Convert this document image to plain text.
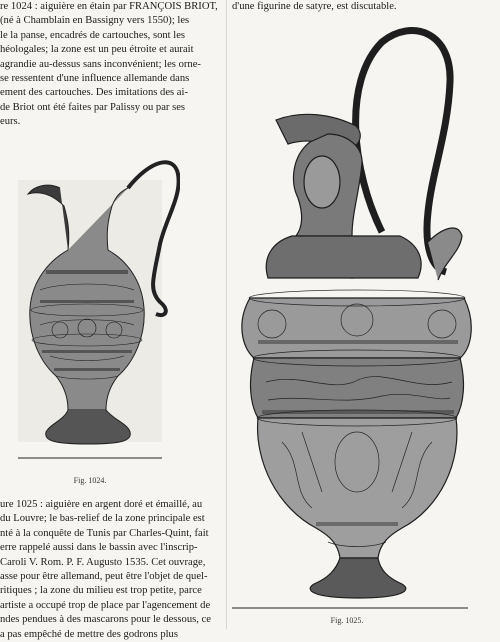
re 1024 : aiguière en étain par FRANÇOIS BRIOT,
(né à Chamblain en Bassigny vers 1550); les
le la panse, encadrés de cartouches, sont les
héologales; la zone est un peu étroite et aurait
agrandie au-dessus sans inconvénient; les orne-
se ressentent d'une influence allemande dans
ement des cartouches. Des imitations des ai-
de Briot ont été faites par Palissy ou par ses
eurs.
d'une figurine de satyre, est discutable.
Fig. 1024.
ure 1025 : aiguière en argent doré et émaillé, au
du Louvre; le bas-relief de la zone principale est
nté à la conquête de Tunis par Charles-Quint, fait
erre rappelé aussi dans le bassin avec l'inscrip-
Caroli V. Rom. P. F. Augusto 1535. Cet ouvrage,
asse pour être allemand, peut être l'objet de quel-
ritiques ; la zone du milieu est trop petite, parce
artiste a occupé trop de place par l'agencement de
ndes pendues à des mascarons pour le dessous, ce
a pas empêché de mettre des godrons plus
Fig. 1025.
